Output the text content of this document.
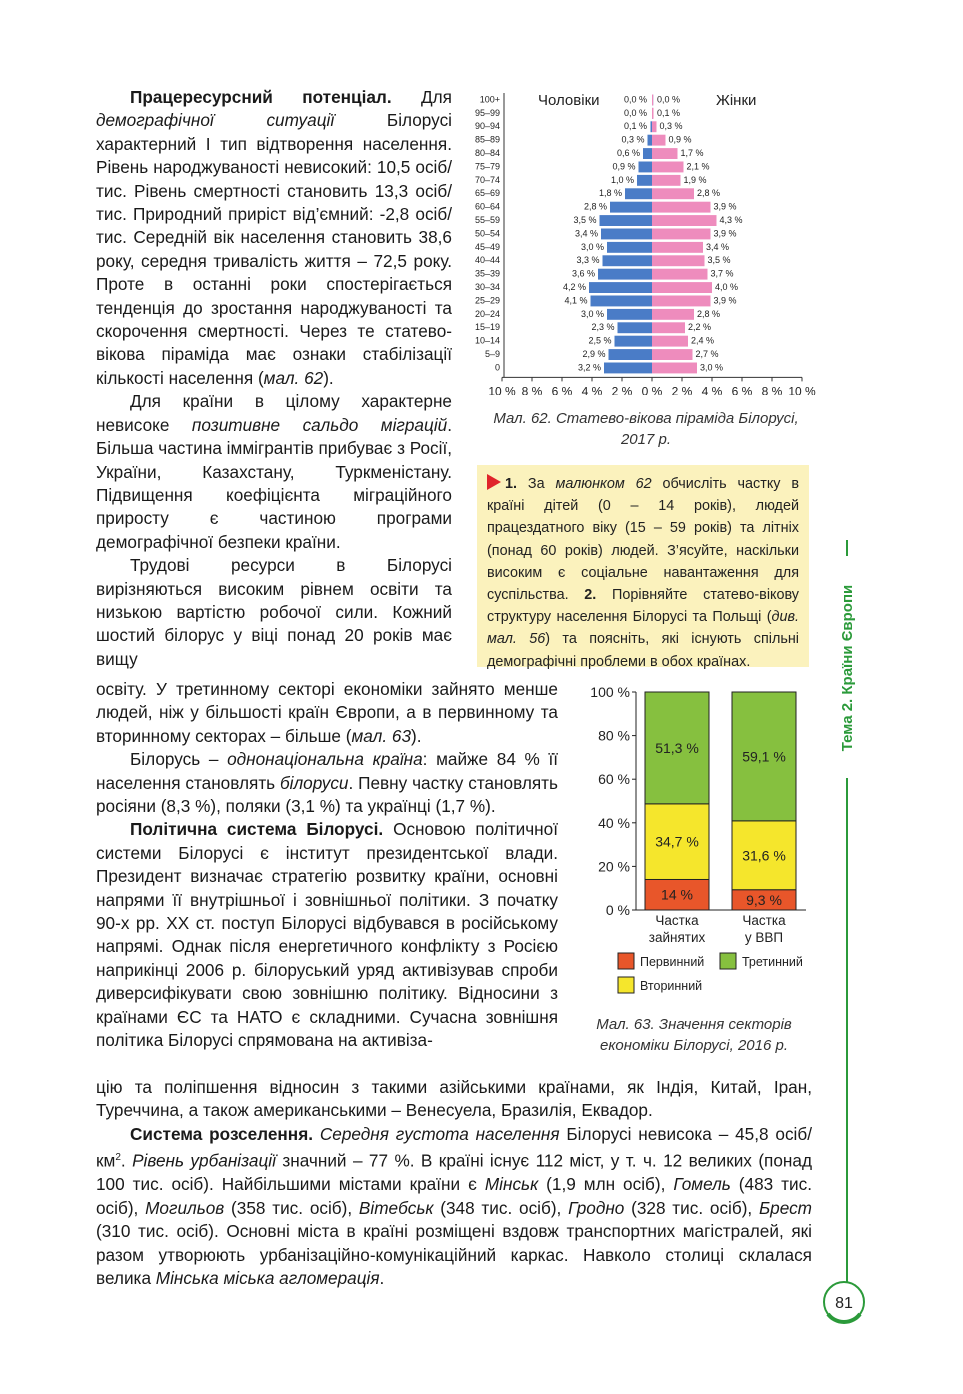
Працересурсний потенціал. Для демографічної ситуації Білорусі характерний I тип відтворення населення. Рівень народжуваності невисокий: 10,5 осіб/тис. Рівень смертності становить 13,3 осіб/тис. Природний приріст від’ємний: -2,8 осіб/тис. Середній вік населення становить 38,6 року, середня тривалість життя – 72,5 року. Проте в останні роки спостерігається тенденція до зростання народжуваності та скорочення смертності. Через те статево-вікова піраміда має ознаки стабілізації кількості населення (мал. 62).

Для країни в цілому характерне невисоке позитивне сальдо міграцій. Більша частина іммігрантів прибуває з Росії, України, Казахстану, Туркменістану. Підвищення коефіцієнта міграційного приросту є частиною програми демографічної безпеки країни.

Трудові ресурси в Білорусі вирізняються високим рівнем освіти та низькою вартістю робочої сили. Кожний шостий білорус у віці понад 20 років має вищу

освіту. У третинному секторі економіки зайнято менше людей, ніж у більшості країн Європи, а в первинному та вторинному секторах – більше (мал. 63).

Білорусь – однонаціональна країна: майже 84 % її населення становлять білоруси. Певну частку становлять росіяни (8,3 %), поляки (3,1 %) та українці (1,7 %).

Політична система Білорусі. Основою політичної системи Білорусі є інститут президентської влади. Президент визначає стратегію розвитку країни, основні напрями її внутрішньої і зовнішньої політики. З початку 90-х рр. XX ст. поступ Білорусі відбувався в російському напрямі. Однак після енергетичного конфлікту з Росією наприкінці 2006 р. білоруський уряд активізував спроби диверсифікувати свою зовнішню політику. Відносини з країнами ЄС та НАТО є складними. Сучасна зовнішня політика Білорусі спрямована на активіза-

цію та поліпшення відносин з такими азійськими країнами, як Індія, Китай, Іран, Туреччина, а також американськими – Венесуела, Бразилія, Еквадор.

Система розселення. Середня густота населення Білорусі невисока – 45,8 осіб/$км^2$. Рівень урбанізації значний – 77 %. В країні існує 112 міст, у т. ч. 12 великих (понад 100 тис. осіб). Найбільшими містами країни є Мінськ (1,9 млн осіб), Гомель (483 тис. осіб), Могильов (358 тис. осіб), Вітебськ (348 тис. осіб), Гродно (328 тис. осіб), Брест (310 тис. осіб). Основні міста в країні розміщені вздовж транспортних магістралей, які разом утворюють урбанізаційно-комунікаційний каркас. Навколо столиці склалася велика Мінська міська агломерація.

Чоловіки	Жінки
100+	0,0 % 0,0 %
95–99	0,0 % 0,1 %
90–94	0,1 % 0,3 %
85–89	0,3 %	0,9 %
80–84	0,6 %	1,7 %
75–79	0,9 %	2,1 %
70–74	1,0 %	1,9 %
65–69	1,8 %	2,8 %
60–64	2,8 %	3,9 %
55–59	3,5 %	4,3 %
50–54	3,4 %	3,9 %
45–49	3,0 %	3,4 %
40–44	3,3 %	3,5 %
35–39	3,6 %	3,7 %
30–34	4,2 %	4,0 %
25–29	4,1 %	3,9 %
20–24	3,0 %	2,8 %
15–19	2,3 %	2,2 %
10–14	2,5 %	2,4 %
5–9	2,9 %	2,7 %
0	3,2 %	3,0 %
10 % 8 % 6 % 4 % 2 % 0 % 2 % 4 % 6 % 8 % 10 %
Мал. 62. Статево-вікова піраміда Білорусі, 2017 р.
1. За малюнком 62 обчисліть частку в країні дітей (0 – 14 років), людей працездатного віку (15 – 59 років) та літніх (понад 60 років) людей. З’ясуйте, наскільки високим є соціальне навантаження для суспільства. 2. Порівняйте статево-вікову структуру населення Білорусі та Польщі (див. мал. 56) та поясніть, які існують спільні демографічні проблеми в обох країнах.
0 %
20 %
40 %
60 %
80 %
100 %
14 %
34,7 %
51,3 %
Частка
зайнятих
9,3 %
31,6 %
59,1 %
Частка
у ВВП
Первинний	Третинний
Вторинний
Мал. 63. Значення секторів економіки Білорусі, 2016 р.
Тема 2. Країни Європи
81
